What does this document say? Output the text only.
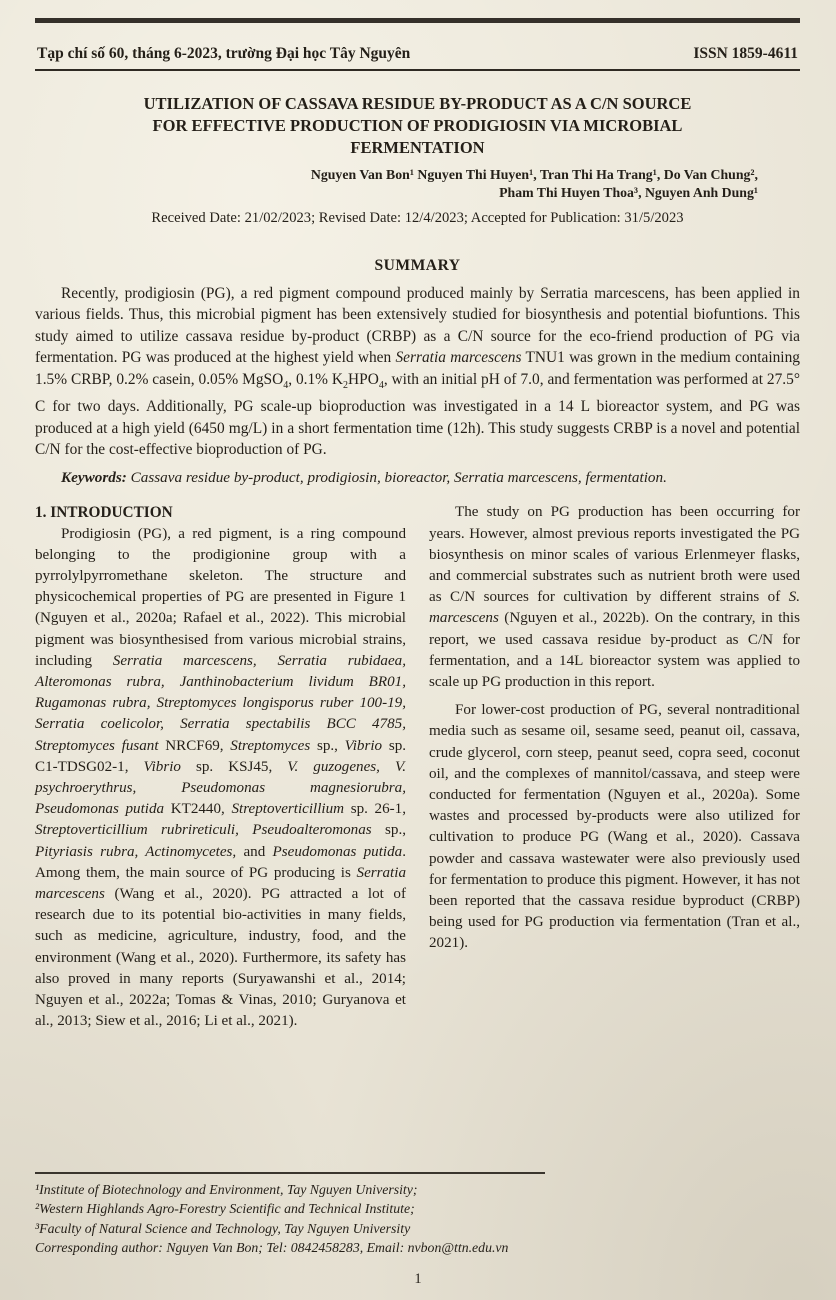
Tạp chí số 60, tháng 6-2023, trường Đại học Tây Nguyên	ISSN 1859-4611
UTILIZATION OF CASSAVA RESIDUE BY-PRODUCT AS A C/N SOURCE
FOR EFFECTIVE PRODUCTION OF PRODIGIOSIN VIA MICROBIAL
FERMENTATION
Nguyen Van Bon¹ Nguyen Thi Huyen¹, Tran Thi Ha Trang¹, Do Van Chung²,
Pham Thi Huyen Thoa³, Nguyen Anh Dung¹
Received Date: 21/02/2023; Revised Date: 12/4/2023; Accepted for Publication: 31/5/2023
SUMMARY

Recently, prodigiosin (PG), a red pigment compound produced mainly by Serratia marcescens, has been applied in various fields. Thus, this microbial pigment has been extensively studied for biosynthesis and potential biofuntions. This study aimed to utilize cassava residue by-product (CRBP) as a C/N source for the eco-friend production of PG via fermentation. PG was produced at the highest yield when Serratia marcescens TNU1 was grown in the medium containing 1.5% CRBP, 0.2% casein, 0.05% MgSO$_4$, 0.1% $K_2HPO_4$, with an initial pH of 7.0, and fermentation was performed at 27.5° C for two days. Additionally, PG scale-up bioproduction was investigated in a 14 L bioreactor system, and PG was produced at a high yield (6450 mg/L) in a short fermentation time (12h). This study suggests CRBP is a novel and potential C/N for the cost-effective bioproduction of PG.

Keywords: Cassava residue by-product, prodigiosin, bioreactor, Serratia marcescens, fermentation.

1. INTRODUCTION

Prodigiosin (PG), a red pigment, is a ring compound belonging to the prodigionine group with a pyrrolylpyrromethane skeleton. The structure and physicochemical properties of PG are presented in Figure 1 (Nguyen et al., 2020a; Rafael et al., 2022). This microbial pigment was biosynthesised from various microbial strains, including Serratia marcescens, Serratia rubidaea, Alteromonas rubra, Janthinobacterium lividum BR01, Rugamonas rubra, Streptomyces longisporus ruber 100-19, Serratia coelicolor, Serratia spectabilis BCC 4785, Streptomyces fusant NRCF69, Streptomyces sp., Vibrio sp. C1-TDSG02-1, Vibrio sp. KSJ45, V. guzogenes, V. psychroerythrus, Pseudomonas magnesiorubra, Pseudomonas putida KT2440, Streptoverticillium sp. 26-1, Streptoverticillium rubrireticuli, Pseudoalteromonas sp., Pityriasis rubra, Actinomycetes, and Pseudomonas putida. Among them, the main source of PG producing is Serratia marcescens (Wang et al., 2020). PG attracted a lot of research due to its potential bio-activities in many fields, such as medicine, agriculture, industry, food, and the environment (Wang et al., 2020). Furthermore, its safety has also proved in many reports (Suryawanshi et al., 2014; Nguyen et al., 2022a; Tomas & Vinas, 2010; Guryanova et al., 2013; Siew et al., 2016; Li et al., 2021).

The study on PG production has been occurring for years. However, almost previous reports investigated the PG biosynthesis on minor scales of various Erlenmeyer flasks, and commercial substrates such as nutrient broth were used as C/N sources for cultivation by different strains of S. marcescens (Nguyen et al., 2022b). On the contrary, in this report, we used cassava residue by-product as C/N for fermentation, and a 14L bioreactor system was applied to scale up PG production in this report.

For lower-cost production of PG, several nontraditional media such as sesame oil, sesame seed, peanut oil, cassava, crude glycerol, corn steep, peanut seed, copra seed, coconut oil, and the complexes of mannitol/cassava, and steep were conducted for fermentation (Nguyen et al., 2020a). Some wastes and processed by-products were also utilized for cultivation to produce PG (Wang et al., 2020). Cassava powder and cassava wastewater were also previously used for fermentation to produce this pigment. However, it has not been reported that the cassava residue byproduct (CRBP) being used for PG production via fermentation (Tran et al., 2021).

¹Institute of Biotechnology and Environment, Tay Nguyen University;
²Western Highlands Agro-Forestry Scientific and Technical Institute;
³Faculty of Natural Science and Technology, Tay Nguyen University
Corresponding author: Nguyen Van Bon; Tel: 0842458283, Email: nvbon@ttn.edu.vn
1
